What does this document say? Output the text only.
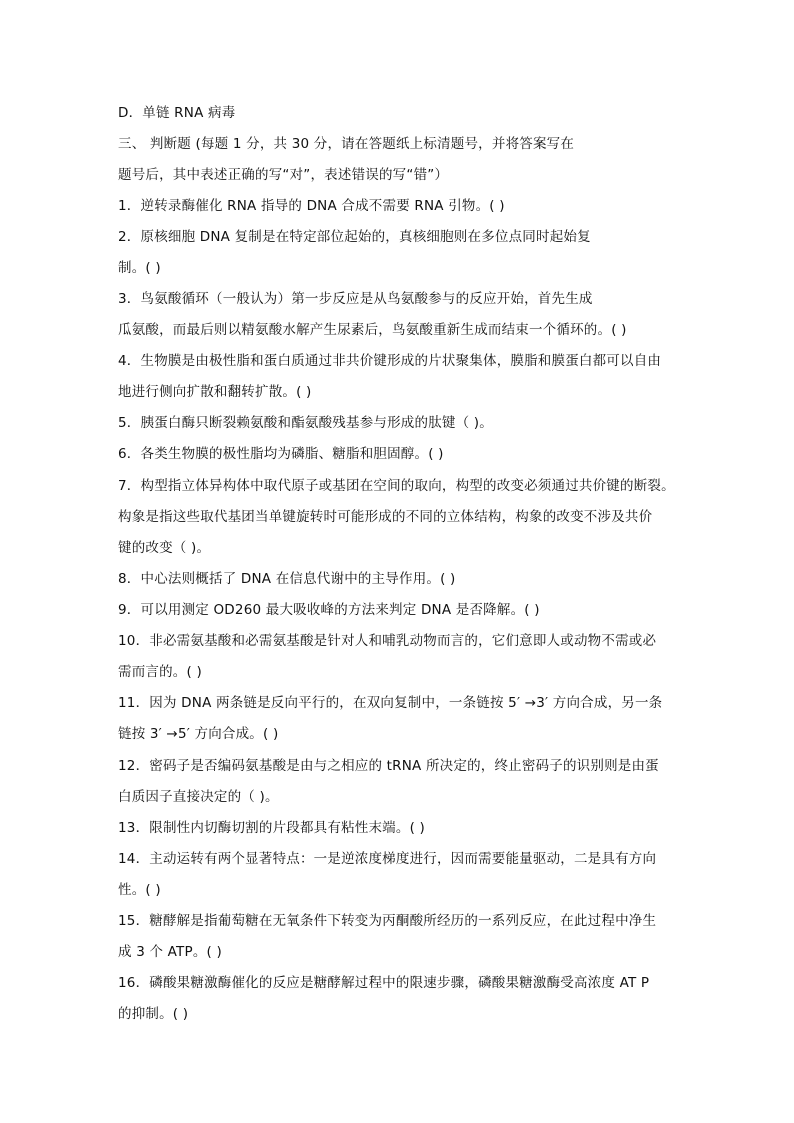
D．单链 RNA 病毒
三、 判断题 (每题 1 分，共 30 分，请在答题纸上标清题号，并将答案写在
题号后，其中表述正确的写“对”，表述错误的写“错”）
1．逆转录酶催化 RNA 指导的 DNA 合成不需要 RNA 引物。( )
2．原核细胞 DNA 复制是在特定部位起始的，真核细胞则在多位点同时起始复
制。( )
3．鸟氨酸循环（一般认为）第一步反应是从鸟氨酸参与的反应开始，首先生成
瓜氨酸，而最后则以精氨酸水解产生尿素后，鸟氨酸重新生成而结束一个循环的。( )
4．生物膜是由极性脂和蛋白质通过非共价键形成的片状聚集体，膜脂和膜蛋白都可以自由
地进行侧向扩散和翻转扩散。( )
5．胰蛋白酶只断裂赖氨酸和酯氨酸残基参与形成的肽键（ )。
6．各类生物膜的极性脂均为磷脂、糖脂和胆固醇。( )
7．构型指立体异构体中取代原子或基团在空间的取向，构型的改变必须通过共价键的断裂。
构象是指这些取代基团当单键旋转时可能形成的不同的立体结构，构象的改变不涉及共价
键的改变（ )。
8．中心法则概括了 DNA 在信息代谢中的主导作用。( )
9．可以用测定 OD260 最大吸收峰的方法来判定 DNA 是否降解。( )
10．非必需氨基酸和必需氨基酸是针对人和哺乳动物而言的，它们意即人或动物不需或必
需而言的。( )
11．因为 DNA 两条链是反向平行的，在双向复制中，一条链按 5′ →3′ 方向合成，另一条
链按 3′ →5′ 方向合成。( )
12．密码子是否编码氨基酸是由与之相应的 tRNA 所决定的，终止密码子的识别则是由蛋
白质因子直接决定的（ )。
13．限制性内切酶切割的片段都具有粘性末端。( )
14．主动运转有两个显著特点：一是逆浓度梯度进行，因而需要能量驱动，二是具有方向
性。( )
15．糖酵解是指葡萄糖在无氧条件下转变为丙酮酸所经历的一系列反应，在此过程中净生
成 3 个 ATP。( )
16．磷酸果糖激酶催化的反应是糖酵解过程中的限速步骤，磷酸果糖激酶受高浓度 AT P
的抑制。( )
